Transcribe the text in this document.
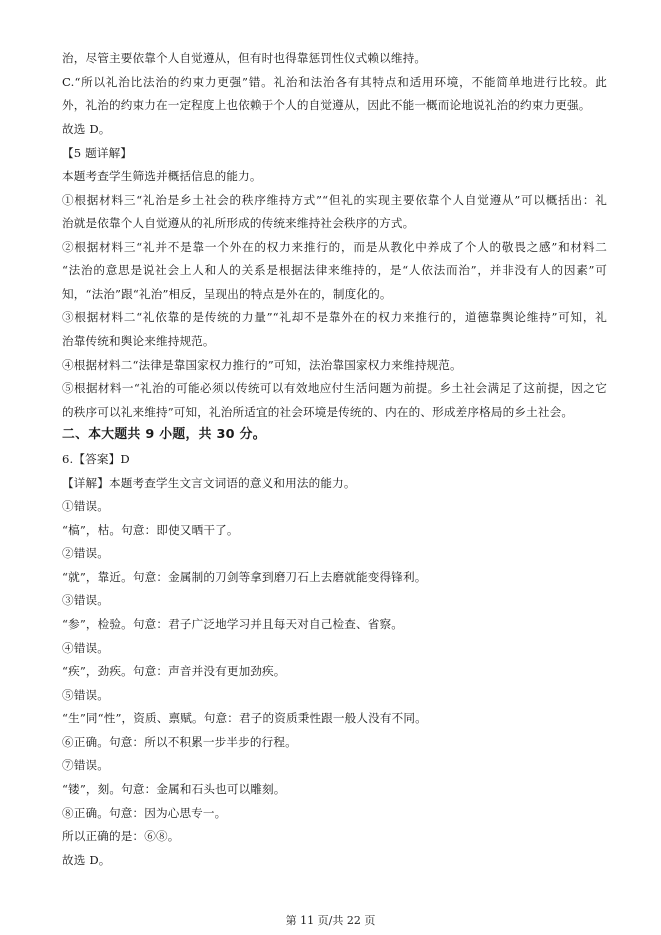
治，尽管主要依靠个人自觉遵从，但有时也得靠惩罚性仪式赖以维持。
C.“所以礼治比法治的约束力更强”错。礼治和法治各有其特点和适用环境，不能简单地进行比较。此
外，礼治的约束力在一定程度上也依赖于个人的自觉遵从，因此不能一概而论地说礼治的约束力更强。
故选 D。
【5 题详解】
本题考查学生筛选并概括信息的能力。
①根据材料三“礼治是乡土社会的秩序维持方式”“但礼的实现主要依靠个人自觉遵从”可以概括出：礼
治就是依靠个人自觉遵从的礼所形成的传统来维持社会秩序的方式。
②根据材料三“礼并不是靠一个外在的权力来推行的，而是从教化中养成了个人的敬畏之感”和材料二
“法治的意思是说社会上人和人的关系是根据法律来维持的，是“人依法而治”，并非没有人的因素”可
知，“法治”跟“礼治”相反，呈现出的特点是外在的，制度化的。
③根据材料二“礼依靠的是传统的力量”“礼却不是靠外在的权力来推行的，道德靠舆论维持”可知，礼
治靠传统和舆论来维持规范。
④根据材料二“法律是靠国家权力推行的”可知，法治靠国家权力来维持规范。
⑤根据材料一“礼治的可能必须以传统可以有效地应付生活问题为前提。乡土社会满足了这前提，因之它
的秩序可以礼来维持”可知，礼治所适宜的社会环境是传统的、内在的、形成差序格局的乡土社会。
二、本大题共 9 小题，共 30 分。
6.【答案】D
【详解】本题考查学生文言文词语的意义和用法的能力。
①错误。
“槁”，枯。句意：即使又晒干了。
②错误。
“就”，靠近。句意：金属制的刀剑等拿到磨刀石上去磨就能变得锋利。
③错误。
“参”，检验。句意：君子广泛地学习并且每天对自己检查、省察。
④错误。
“疾”，劲疾。句意：声音并没有更加劲疾。
⑤错误。
“生”同“性”，资质、禀赋。句意：君子的资质秉性跟一般人没有不同。
⑥正确。句意：所以不积累一步半步的行程。
⑦错误。
“镂”，刻。句意：金属和石头也可以雕刻。
⑧正确。句意：因为心思专一。
所以正确的是：⑥⑧。
故选 D。
第 11 页/共 22 页
